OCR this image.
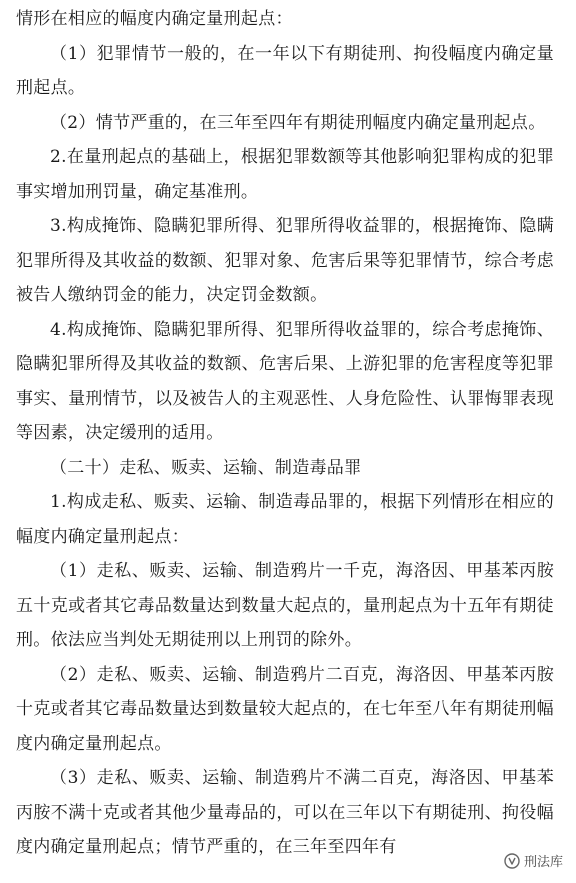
情形在相应的幅度内确定量刑起点：

（1）犯罪情节一般的，在一年以下有期徒刑、拘役幅度内确定量刑起点。

（2）情节严重的，在三年至四年有期徒刑幅度内确定量刑起点。

2.在量刑起点的基础上，根据犯罪数额等其他影响犯罪构成的犯罪事实增加刑罚量，确定基准刑。

3.构成掩饰、隐瞒犯罪所得、犯罪所得收益罪的，根据掩饰、隐瞒犯罪所得及其收益的数额、犯罪对象、危害后果等犯罪情节，综合考虑被告人缴纳罚金的能力，决定罚金数额。

4.构成掩饰、隐瞒犯罪所得、犯罪所得收益罪的，综合考虑掩饰、隐瞒犯罪所得及其收益的数额、危害后果、上游犯罪的危害程度等犯罪事实、量刑情节，以及被告人的主观恶性、人身危险性、认罪悔罪表现等因素，决定缓刑的适用。

（二十）走私、贩卖、运输、制造毒品罪

1.构成走私、贩卖、运输、制造毒品罪的，根据下列情形在相应的幅度内确定量刑起点：

（1）走私、贩卖、运输、制造鸦片一千克，海洛因、甲基苯丙胺五十克或者其它毒品数量达到数量大起点的，量刑起点为十五年有期徒刑。依法应当判处无期徒刑以上刑罚的除外。

（2）走私、贩卖、运输、制造鸦片二百克，海洛因、甲基苯丙胺十克或者其它毒品数量达到数量较大起点的，在七年至八年有期徒刑幅度内确定量刑起点。

（3）走私、贩卖、运输、制造鸦片不满二百克，海洛因、甲基苯丙胺不满十克或者其他少量毒品的，可以在三年以下有期徒刑、拘役幅度内确定量刑起点；情节严重的，在三年至四年有

刑法库
